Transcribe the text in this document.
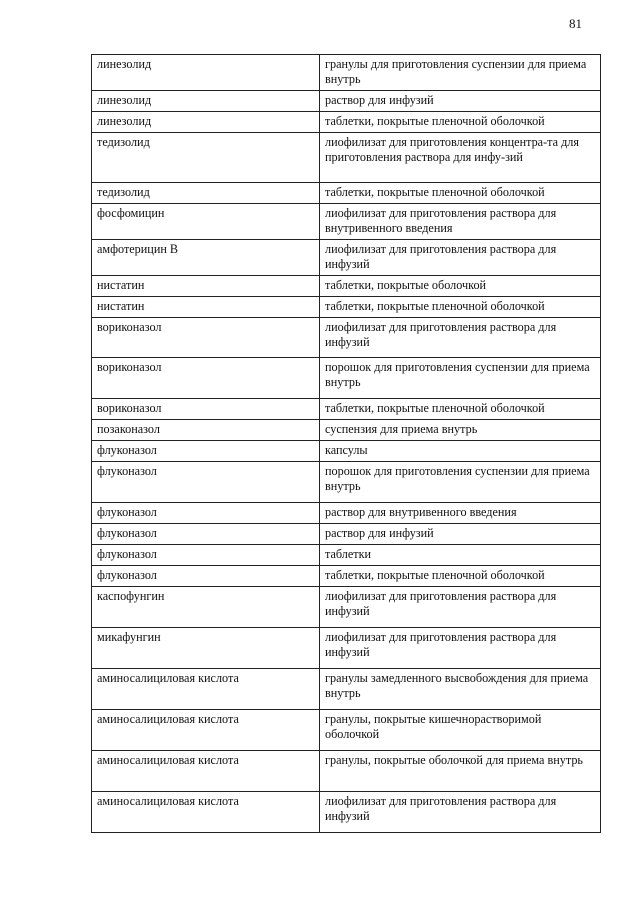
81
линезолид	гранулы для приготовления суспензии для приема внутрь
линезолид	раствор для инфузий
линезолид	таблетки, покрытые пленочной оболочкой
тедизолид	лиофилизат для приготовления концентра-та для приготовления раствора для инфу-зий
тедизолид	таблетки, покрытые пленочной оболочкой
фосфомицин	лиофилизат для приготовления раствора для внутривенного введения
амфотерицин В	лиофилизат для приготовления раствора для инфузий
нистатин	таблетки, покрытые оболочкой
нистатин	таблетки, покрытые пленочной оболочкой
вориконазол	лиофилизат для приготовления раствора для инфузий
вориконазол	порошок для приготовления суспензии для приема внутрь
вориконазол	таблетки, покрытые пленочной оболочкой
позаконазол	суспензия для приема внутрь
флуконазол	капсулы
флуконазол	порошок для приготовления суспензии для приема внутрь
флуконазол	раствор для внутривенного введения
флуконазол	раствор для инфузий
флуконазол	таблетки
флуконазол	таблетки, покрытые пленочной оболочкой
каспофунгин	лиофилизат для приготовления раствора для инфузий
микафунгин	лиофилизат для приготовления раствора для инфузий
аминосалициловая кислота	гранулы замедленного высвобождения для приема внутрь
аминосалициловая кислота	гранулы, покрытые кишечнорастворимой оболочкой
аминосалициловая кислота	гранулы, покрытые оболочкой для приема внутрь
аминосалициловая кислота	лиофилизат для приготовления раствора для инфузий
